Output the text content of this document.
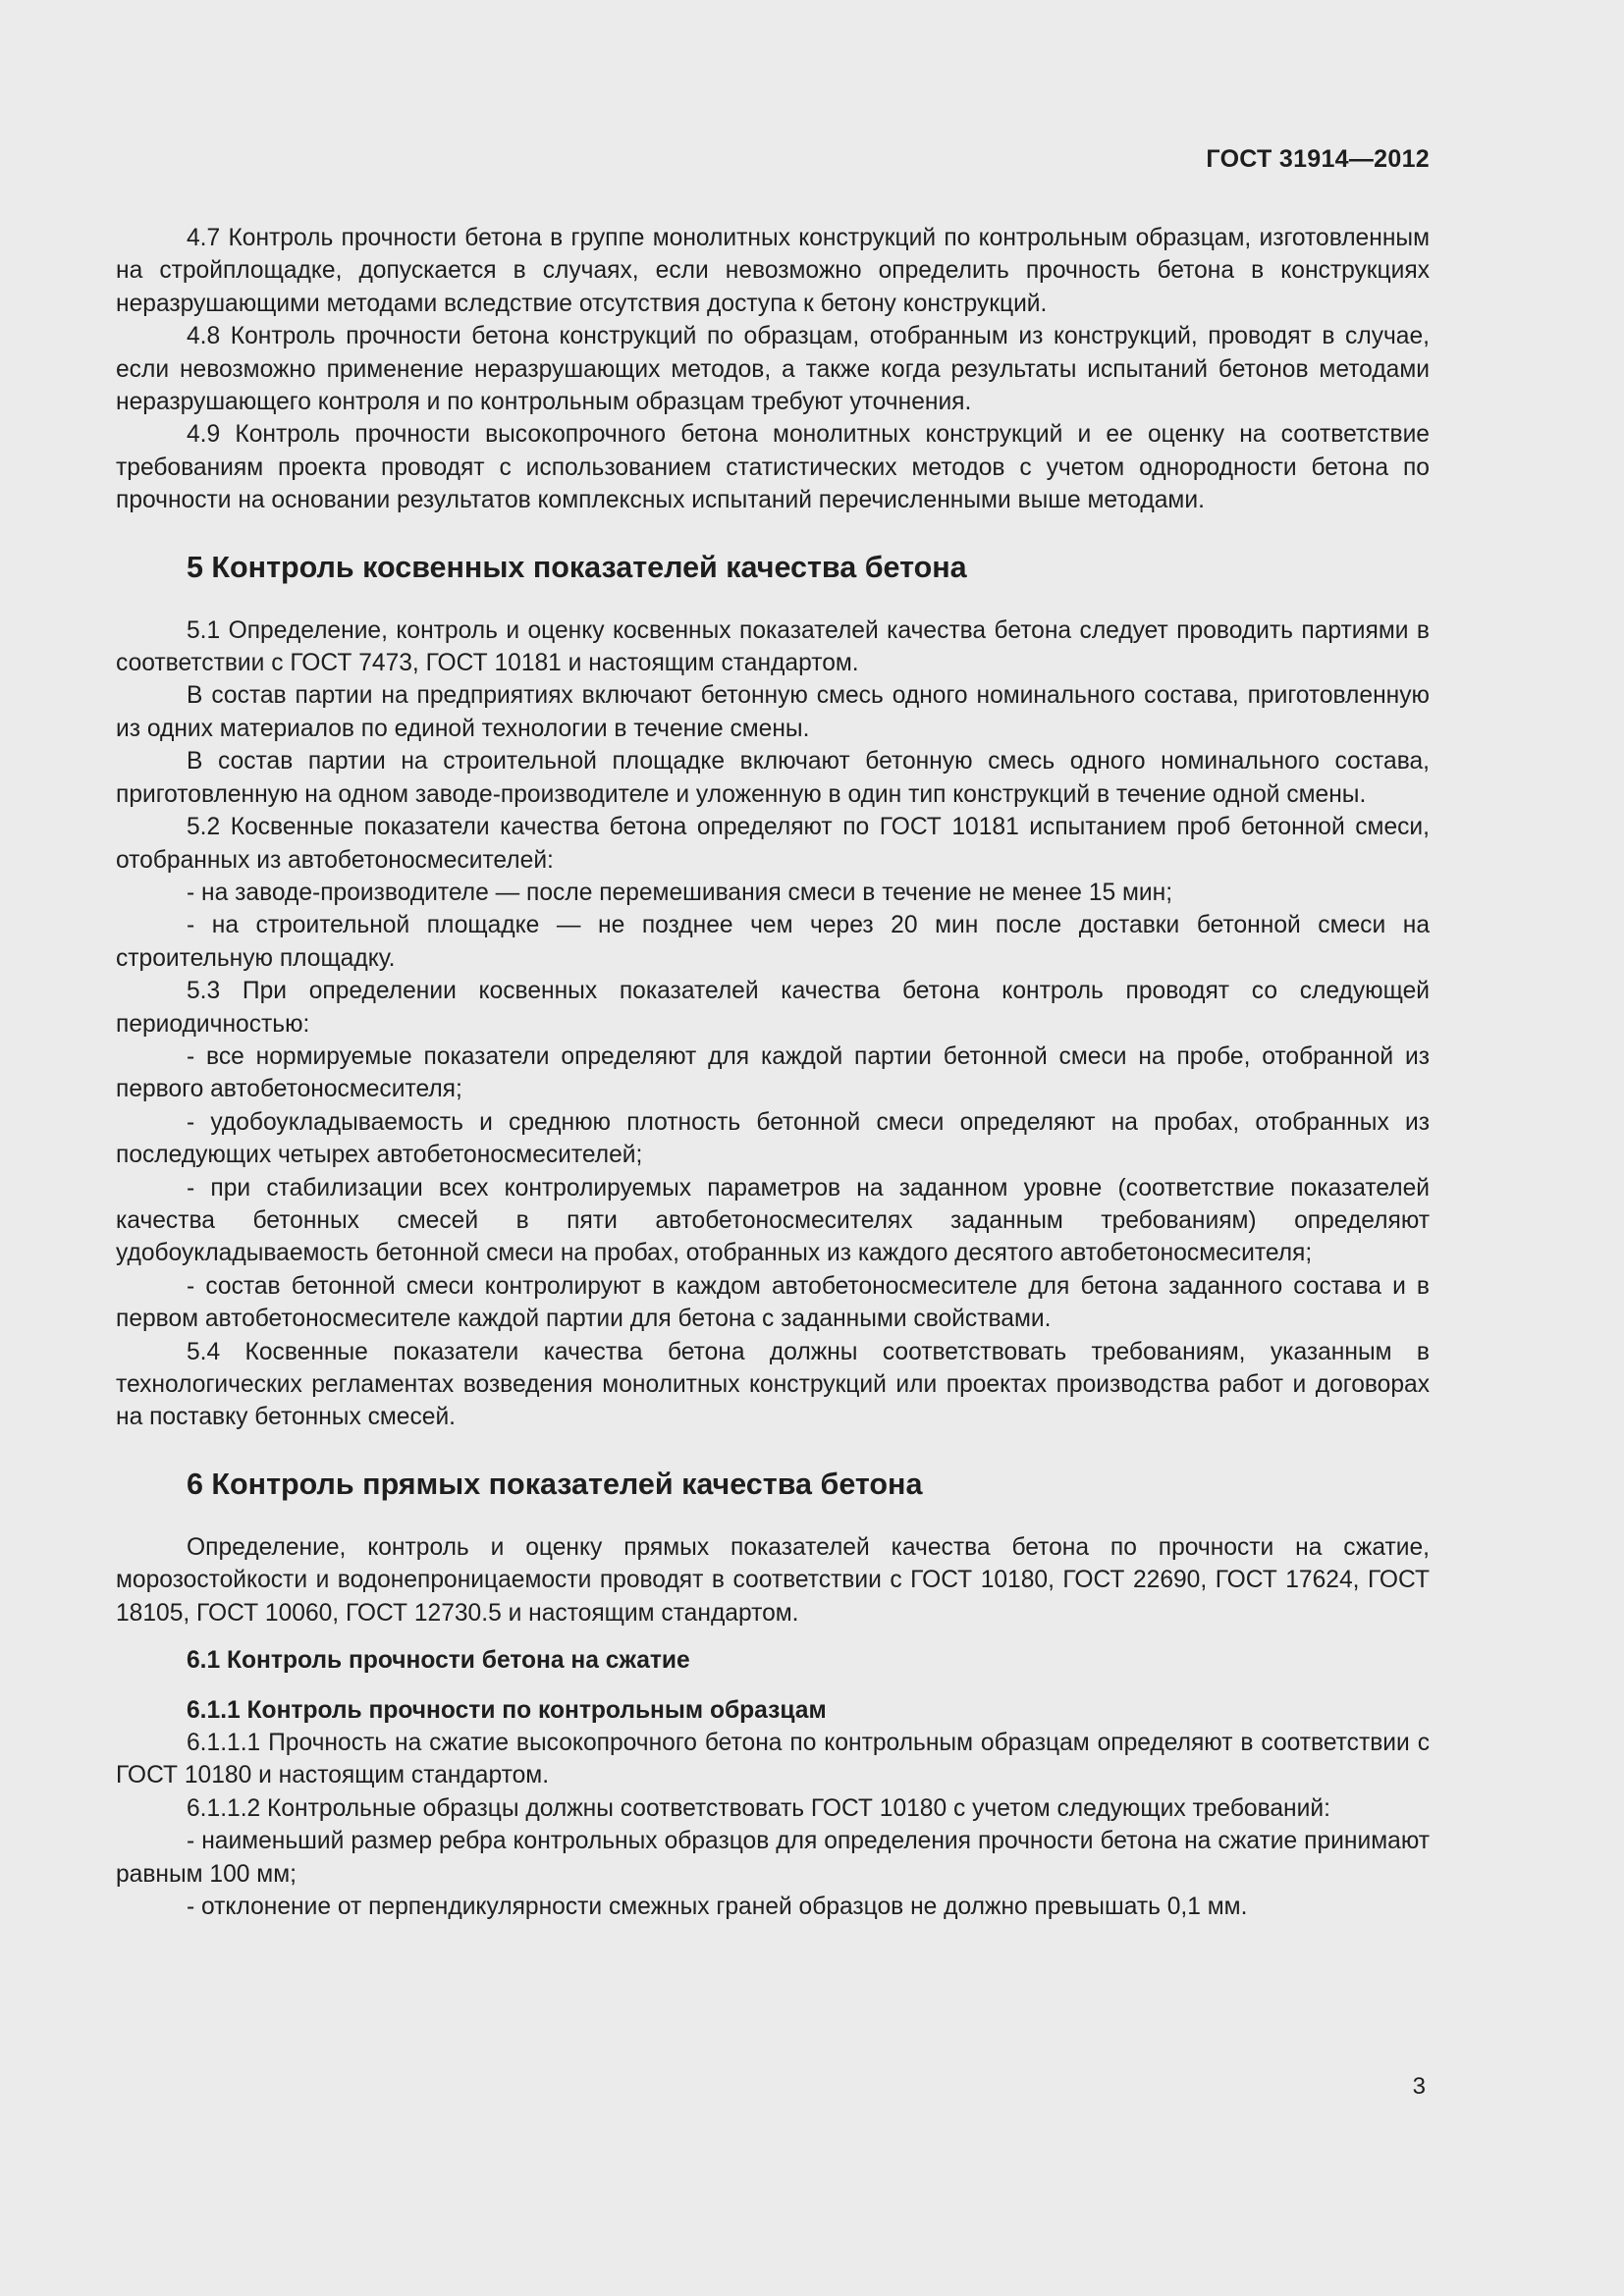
ГОСТ 31914—2012

4.7 Контроль прочности бетона в группе монолитных конструкций по контрольным образцам, изготовленным на стройплощадке, допускается в случаях, если невозможно определить прочность бетона в конструкциях неразрушающими методами вследствие отсутствия доступа к бетону конструкций.

4.8 Контроль прочности бетона конструкций по образцам, отобранным из конструкций, проводят в случае, если невозможно применение неразрушающих методов, а также когда результаты испытаний бетонов методами неразрушающего контроля и по контрольным образцам требуют уточнения.

4.9 Контроль прочности высокопрочного бетона монолитных конструкций и ее оценку на соответствие требованиям проекта проводят с использованием статистических методов с учетом однородности бетона по прочности на основании результатов комплексных испытаний перечисленными выше методами.

5 Контроль косвенных показателей качества бетона

5.1 Определение, контроль и оценку косвенных показателей качества бетона следует проводить партиями в соответствии с ГОСТ 7473, ГОСТ 10181 и настоящим стандартом.

В состав партии на предприятиях включают бетонную смесь одного номинального состава, приготовленную из одних материалов по единой технологии в течение смены.

В состав партии на строительной площадке включают бетонную смесь одного номинального состава, приготовленную на одном заводе-производителе и уложенную в один тип конструкций в течение одной смены.

5.2 Косвенные показатели качества бетона определяют по ГОСТ 10181 испытанием проб бетонной смеси, отобранных из автобетоносмесителей:

- на заводе-производителе — после перемешивания смеси в течение не менее 15 мин;

- на строительной площадке — не позднее чем через 20 мин после доставки бетонной смеси на строительную площадку.

5.3 При определении косвенных показателей качества бетона контроль проводят со следующей периодичностью:

- все нормируемые показатели определяют для каждой партии бетонной смеси на пробе, отобранной из первого автобетоносмесителя;

- удобоукладываемость и среднюю плотность бетонной смеси определяют на пробах, отобранных из последующих четырех автобетоносмесителей;

- при стабилизации всех контролируемых параметров на заданном уровне (соответствие показателей качества бетонных смесей в пяти автобетоносмесителях заданным требованиям) определяют удобоукладываемость бетонной смеси на пробах, отобранных из каждого десятого автобетоносмесителя;

- состав бетонной смеси контролируют в каждом автобетоносмесителе для бетона заданного состава и в первом автобетоносмесителе каждой партии для бетона с заданными свойствами.

5.4 Косвенные показатели качества бетона должны соответствовать требованиям, указанным в технологических регламентах возведения монолитных конструкций или проектах производства работ и договорах на поставку бетонных смесей.

6 Контроль прямых показателей качества бетона

Определение, контроль и оценку прямых показателей качества бетона по прочности на сжатие, морозостойкости и водонепроницаемости проводят в соответствии с ГОСТ 10180, ГОСТ 22690, ГОСТ 17624, ГОСТ 18105, ГОСТ 10060, ГОСТ 12730.5 и настоящим стандартом.

6.1 Контроль прочности бетона на сжатие
6.1.1 Контроль прочности по контрольным образцам

6.1.1.1 Прочность на сжатие высокопрочного бетона по контрольным образцам определяют в соответствии с ГОСТ 10180 и настоящим стандартом.

6.1.1.2 Контрольные образцы должны соответствовать ГОСТ 10180 с учетом следующих требований:

- наименьший размер ребра контрольных образцов для определения прочности бетона на сжатие принимают равным 100 мм;

- отклонение от перпендикулярности смежных граней образцов не должно превышать 0,1 мм.

3
